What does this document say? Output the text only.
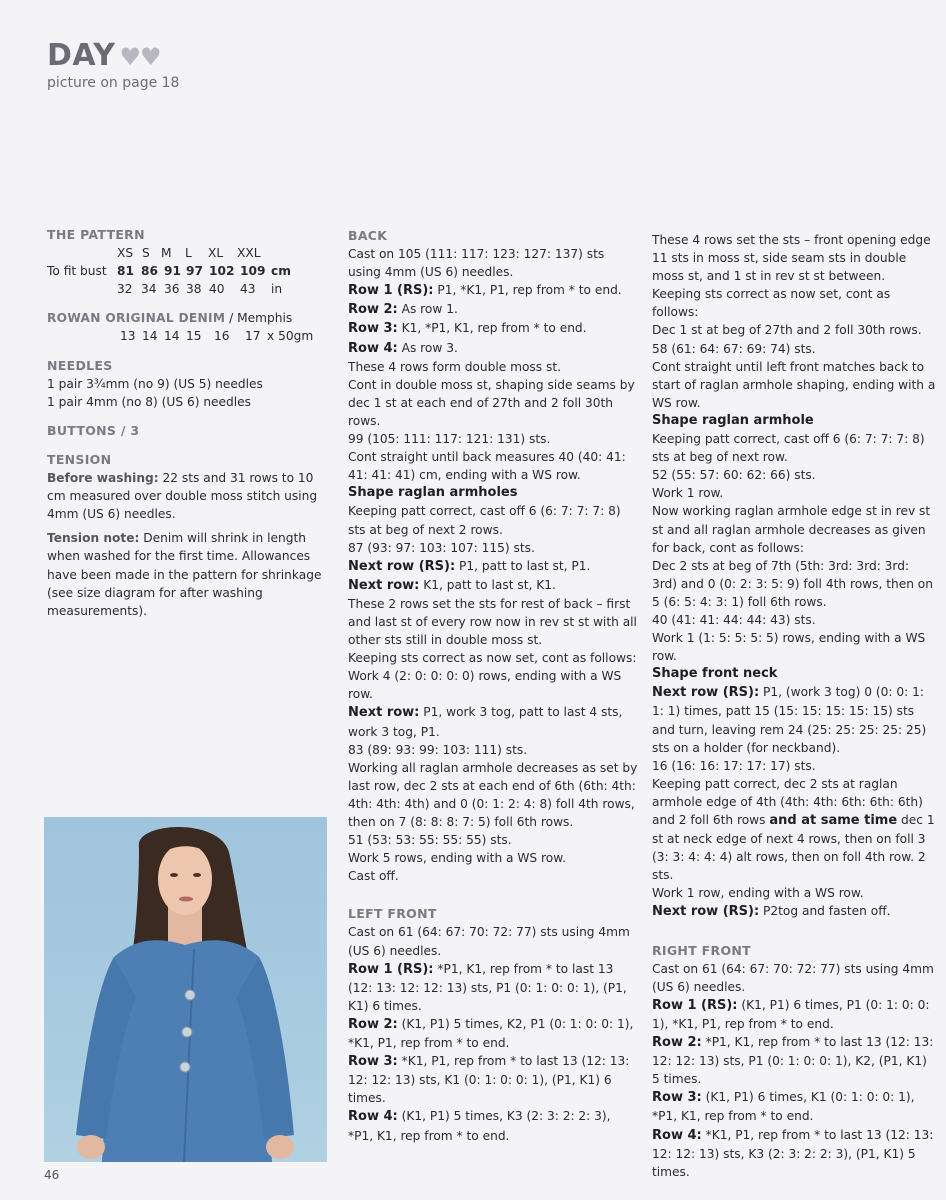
DAY ♥♥
picture on page 18

THE PATTERN

XS S M L XL XXL
To fit bust 81 86 91 97 102 109 cm
32 34 36 38 40	43	in

ROWAN ORIGINAL DENIM / Memphis

13 14 14 15	16	17 x 50gm

NEEDLES

1 pair 3¾mm (no 9) (US 5) needles

1 pair 4mm (no 8) (US 6) needles

BUTTONS / 3

TENSION

Before washing: 22 sts and 31 rows to 10 cm measured over double moss stitch using 4mm (US 6) needles.

Tension note: Denim will shrink in length when washed for the first time. Allowances have been made in the pattern for shrinkage (see size diagram for after washing measurements).

BACK

Cast on 105 (111: 117: 123: 127: 137) sts using 4mm (US 6) needles.

Row 1 (RS): P1, *K1, P1, rep from * to end.

Row 2: As row 1.

Row 3: K1, *P1, K1, rep from * to end.

Row 4: As row 3.

These 4 rows form double moss st.

Cont in double moss st, shaping side seams by dec 1 st at each end of 27th and 2 foll 30th rows.

99 (105: 111: 117: 121: 131) sts.

Cont straight until back measures 40 (40: 41: 41: 41: 41) cm, ending with a WS row.

Shape raglan armholes

Keeping patt correct, cast off 6 (6: 7: 7: 7: 8) sts at beg of next 2 rows.

87 (93: 97: 103: 107: 115) sts.

Next row (RS): P1, patt to last st, P1.

Next row: K1, patt to last st, K1.

These 2 rows set the sts for rest of back – first and last st of every row now in rev st st with all other sts still in double moss st.

Keeping sts correct as now set, cont as follows:

Work 4 (2: 0: 0: 0: 0) rows, ending with a WS row.

Next row: P1, work 3 tog, patt to last 4 sts, work 3 tog, P1.

83 (89: 93: 99: 103: 111) sts.

Working all raglan armhole decreases as set by last row, dec 2 sts at each end of 6th (6th: 4th: 4th: 4th: 4th) and 0 (0: 1: 2: 4: 8) foll 4th rows, then on 7 (8: 8: 8: 7: 5) foll 6th rows.

51 (53: 53: 55: 55: 55) sts.

Work 5 rows, ending with a WS row.

Cast off.

LEFT FRONT

Cast on 61 (64: 67: 70: 72: 77) sts using 4mm (US 6) needles.

Row 1 (RS): *P1, K1, rep from * to last 13 (12: 13: 12: 12: 13) sts, P1 (0: 1: 0: 0: 1), (P1, K1) 6 times.

Row 2: (K1, P1) 5 times, K2, P1 (0: 1: 0: 0: 1), *K1, P1, rep from * to end.

Row 3: *K1, P1, rep from * to last 13 (12: 13: 12: 12: 13) sts, K1 (0: 1: 0: 0: 1), (P1, K1) 6 times.

Row 4: (K1, P1) 5 times, K3 (2: 3: 2: 2: 3), *P1, K1, rep from * to end.

These 4 rows set the sts – front opening edge 11 sts in moss st, side seam sts in double moss st, and 1 st in rev st st between.

Keeping sts correct as now set, cont as follows:

Dec 1 st at beg of 27th and 2 foll 30th rows.

58 (61: 64: 67: 69: 74) sts.

Cont straight until left front matches back to start of raglan armhole shaping, ending with a WS row.

Shape raglan armhole

Keeping patt correct, cast off 6 (6: 7: 7: 7: 8) sts at beg of next row.

52 (55: 57: 60: 62: 66) sts.

Work 1 row.

Now working raglan armhole edge st in rev st st and all raglan armhole decreases as given for back, cont as follows:

Dec 2 sts at beg of 7th (5th: 3rd: 3rd: 3rd: 3rd) and 0 (0: 2: 3: 5: 9) foll 4th rows, then on 5 (6: 5: 4: 3: 1) foll 6th rows.

40 (41: 41: 44: 44: 43) sts.

Work 1 (1: 5: 5: 5: 5) rows, ending with a WS row.

Shape front neck

Next row (RS): P1, (work 3 tog) 0 (0: 0: 1: 1: 1) times, patt 15 (15: 15: 15: 15: 15) sts and turn, leaving rem 24 (25: 25: 25: 25: 25) sts on a holder (for neckband).

16 (16: 16: 17: 17: 17) sts.

Keeping patt correct, dec 2 sts at raglan armhole edge of 4th (4th: 4th: 6th: 6th: 6th) and 2 foll 6th rows and at same time dec 1 st at neck edge of next 4 rows, then on foll 3 (3: 3: 4: 4: 4) alt rows, then on foll 4th row. 2 sts.

Work 1 row, ending with a WS row.

Next row (RS): P2tog and fasten off.

RIGHT FRONT

Cast on 61 (64: 67: 70: 72: 77) sts using 4mm (US 6) needles.

Row 1 (RS): (K1, P1) 6 times, P1 (0: 1: 0: 0: 1), *K1, P1, rep from * to end.

Row 2: *P1, K1, rep from * to last 13 (12: 13: 12: 12: 13) sts, P1 (0: 1: 0: 0: 1), K2, (P1, K1) 5 times.

Row 3: (K1, P1) 6 times, K1 (0: 1: 0: 0: 1), *P1, K1, rep from * to end.

Row 4: *K1, P1, rep from * to last 13 (12: 13: 12: 12: 13) sts, K3 (2: 3: 2: 2: 3), (P1, K1) 5 times.

46
